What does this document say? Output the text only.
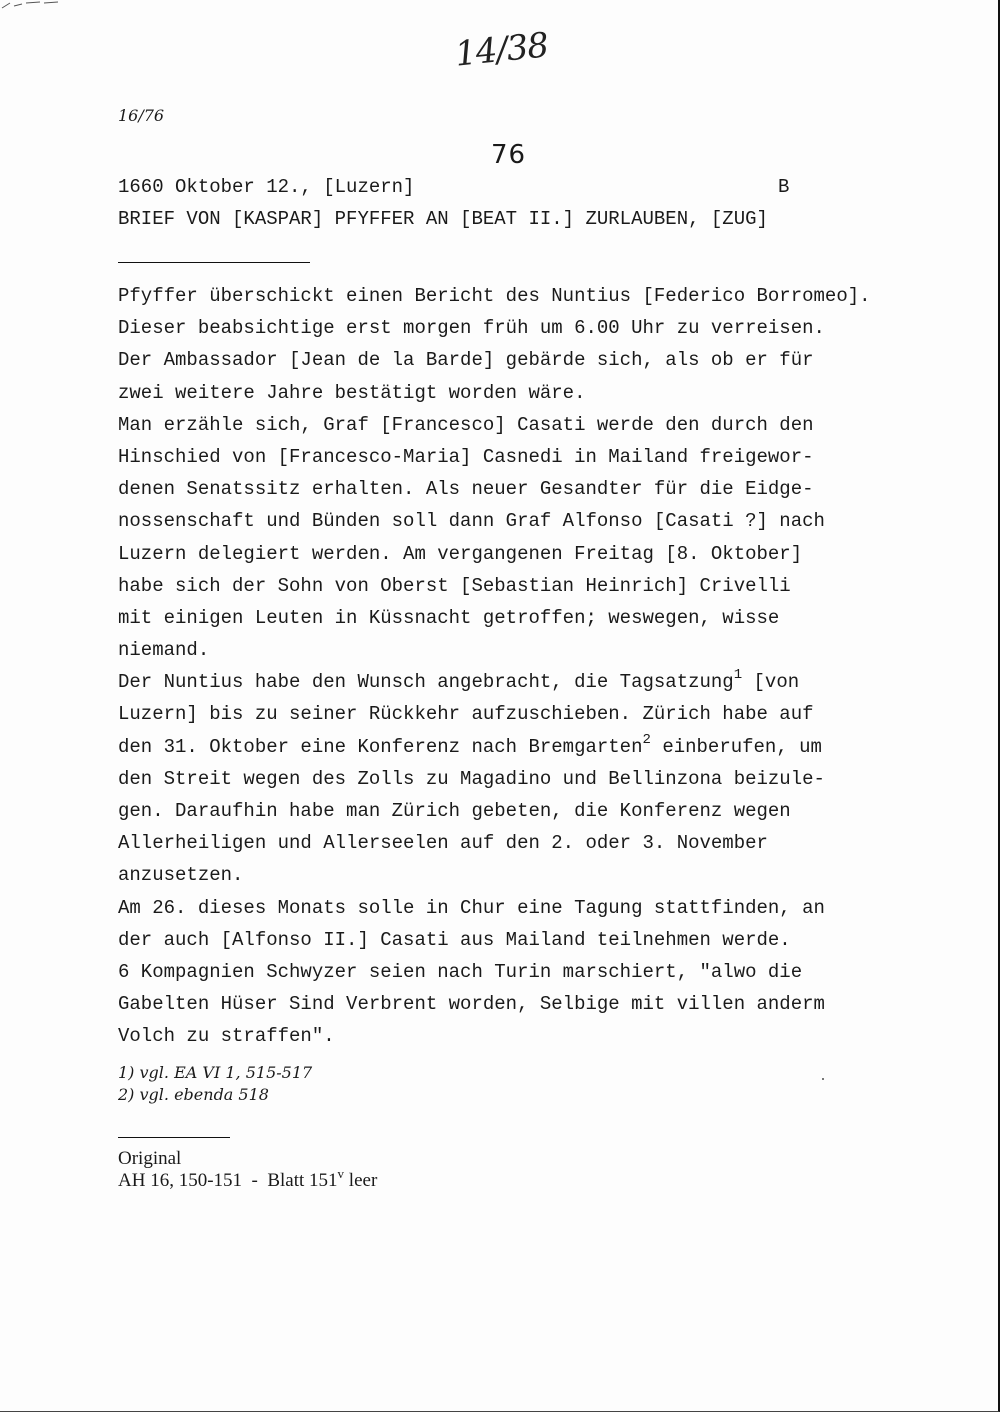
14/38
16/76
76
1660 Oktober 12., [Luzern]	B
BRIEF VON [KASPAR] PFYFFER AN [BEAT II.] ZURLAUBEN, [ZUG]
Pfyffer überschickt einen Bericht des Nuntius [Federico Borromeo].
Dieser beabsichtige erst morgen früh um 6.00 Uhr zu verreisen.
Der Ambassador [Jean de la Barde] gebärde sich, als ob er für
zwei weitere Jahre bestätigt worden wäre.
Man erzähle sich, Graf [Francesco] Casati werde den durch den
Hinschied von [Francesco-Maria] Casnedi in Mailand freigewor-
denen Senatssitz erhalten. Als neuer Gesandter für die Eidge-
nossenschaft und Bünden soll dann Graf Alfonso [Casati ?] nach
Luzern delegiert werden. Am vergangenen Freitag [8. Oktober]
habe sich der Sohn von Oberst [Sebastian Heinrich] Crivelli
mit einigen Leuten in Küssnacht getroffen; weswegen, wisse
niemand.
Der Nuntius habe den Wunsch angebracht, die Tagsatzung$^1$ [von
Luzern] bis zu seiner Rückkehr aufzuschieben. Zürich habe auf
den 31. Oktober eine Konferenz nach Bremgarten$^2$ einberufen, um
den Streit wegen des Zolls zu Magadino und Bellinzona beizule-
gen. Daraufhin habe man Zürich gebeten, die Konferenz wegen
Allerheiligen und Allerseelen auf den 2. oder 3. November
anzusetzen.
Am 26. dieses Monats solle in Chur eine Tagung stattfinden, an
der auch [Alfonso II.] Casati aus Mailand teilnehmen werde.
6 Kompagnien Schwyzer seien nach Turin marschiert, "alwo die
Gabelten Hüser Sind Verbrent worden, Selbige mit villen anderm
Volch zu straffen".
1) vgl. EA VI 1, 515-517
2) vgl. ebenda 518
Original
AH 16, 150-151  -  Blatt 151$^v$ leer
